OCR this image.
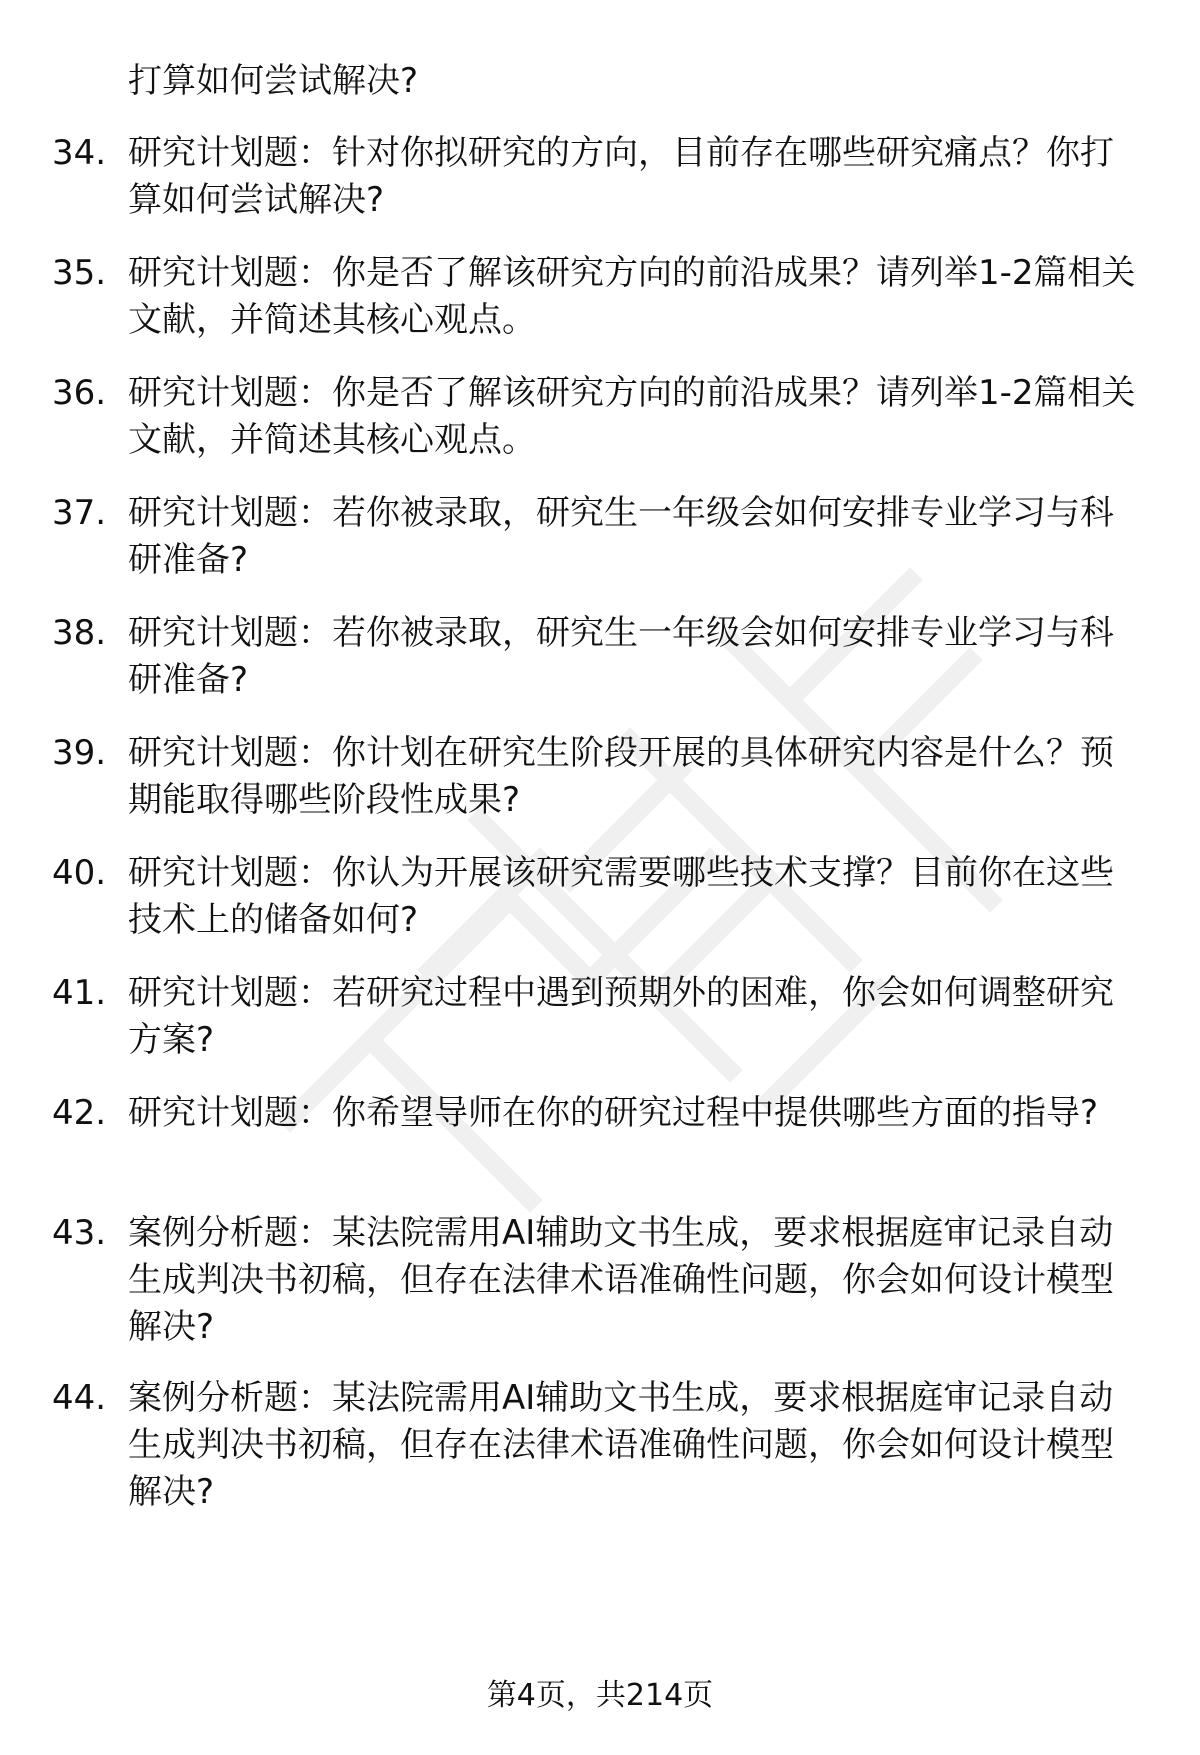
打算如何尝试解决?
34. 研究计划题：针对你拟研究的方向，目前存在哪些研究痛点？你打算如何尝试解决?
35. 研究计划题：你是否了解该研究方向的前沿成果？请列举1-2篇相关文献，并简述其核心观点。
36. 研究计划题：你是否了解该研究方向的前沿成果？请列举1-2篇相关文献，并简述其核心观点。
37. 研究计划题：若你被录取，研究生一年级会如何安排专业学习与科研准备?
38. 研究计划题：若你被录取，研究生一年级会如何安排专业学习与科研准备?
39. 研究计划题：你计划在研究生阶段开展的具体研究内容是什么？预期能取得哪些阶段性成果?
40. 研究计划题：你认为开展该研究需要哪些技术支撑？目前你在这些技术上的储备如何?
41. 研究计划题：若研究过程中遇到预期外的困难，你会如何调整研究方案?
42. 研究计划题：你希望导师在你的研究过程中提供哪些方面的指导?
43. 案例分析题：某法院需用AI辅助文书生成，要求根据庭审记录自动生成判决书初稿，但存在法律术语准确性问题，你会如何设计模型解决?
44. 案例分析题：某法院需用AI辅助文书生成，要求根据庭审记录自动生成判决书初稿，但存在法律术语准确性问题，你会如何设计模型解决?
第4页，共214页
